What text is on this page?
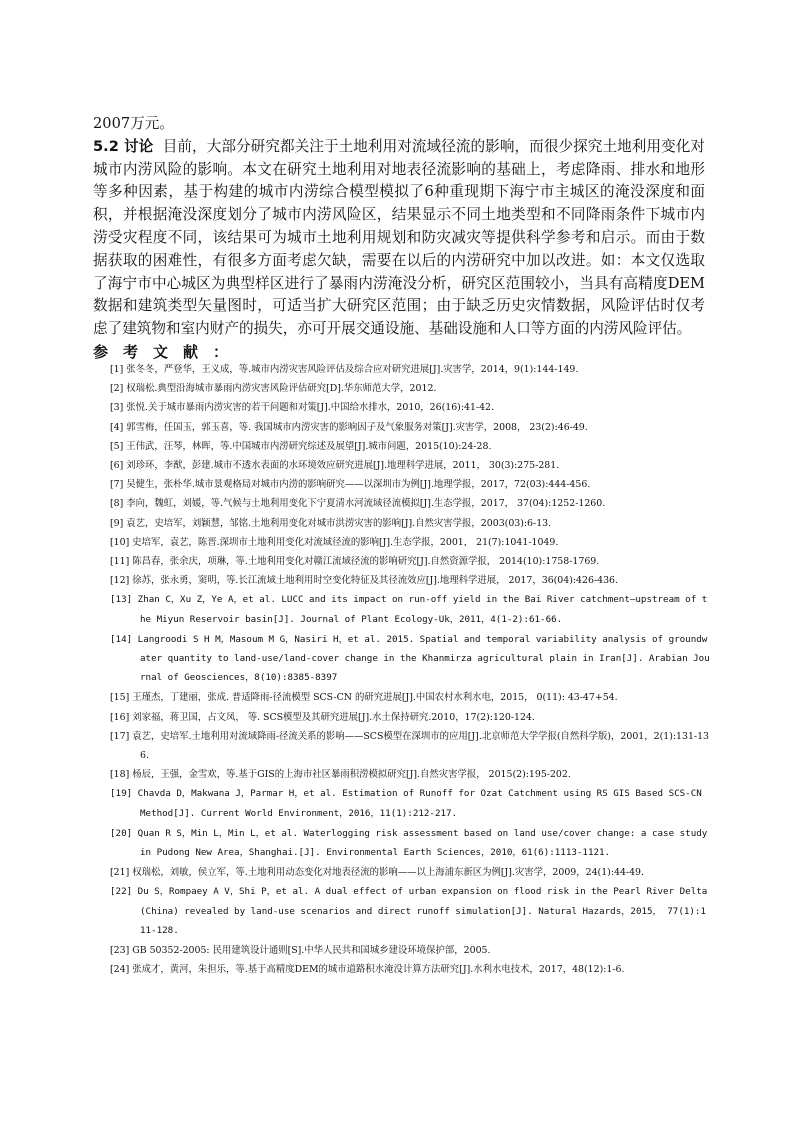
2007万元。

5.2 讨论 目前，大部分研究都关注于土地利用对流域径流的影响，而很少探究土地利用变化对城市内涝风险的影响。本文在研究土地利用对地表径流影响的基础上，考虑降雨、排水和地形等多种因素，基于构建的城市内涝综合模型模拟了6种重现期下海宁市主城区的淹没深度和面积，并根据淹没深度划分了城市内涝风险区，结果显示不同土地类型和不同降雨条件下城市内涝受灾程度不同，该结果可为城市土地利用规划和防灾减灾等提供科学参考和启示。而由于数据获取的困难性，有很多方面考虑欠缺，需要在以后的内涝研究中加以改进。如：本文仅选取了海宁市中心城区为典型样区进行了暴雨内涝淹没分析，研究区范围较小，当具有高精度DEM数据和建筑类型矢量图时，可适当扩大研究区范围；由于缺乏历史灾情数据，风险评估时仅考虑了建筑物和室内财产的损失，亦可开展交通设施、基础设施和人口等方面的内涝风险评估。

参考文献：

[1] 张冬冬，严登华，王义成，等.城市内涝灾害风险评估及综合应对研究进展[J].灾害学，2014，9(1):144-149.

[2] 权瑞松.典型沿海城市暴雨内涝灾害风险评估研究[D].华东师范大学，2012.

[3] 张悦.关于城市暴雨内涝灾害的若干问题和对策[J].中国给水排水，2010，26(16):41-42.

[4] 郭雪梅，任国玉，郭玉喜，等. 我国城市内涝灾害的影响因子及气象服务对策[J].灾害学，2008， 23(2):46-49.

[5] 王伟武，汪琴，林晖，等.中国城市内涝研究综述及展望[J].城市问题，2015(10):24-28.

[6] 刘珍环，李猷，彭建.城市不透水表面的水环境效应研究进展[J].地理科学进展，2011， 30(3):275-281.

[7] 吴健生，张朴华.城市景观格局对城市内涝的影响研究——以深圳市为例[J].地理学报，2017，72(03):444-456.

[8] 李向，魏虹，刘媛，等.气候与土地利用变化下宁夏清水河流域径流模拟[J].生态学报，2017， 37(04):1252-1260.

[9] 袁艺，史培军，刘颖慧，邹铭.土地利用变化对城市洪涝灾害的影响[J].自然灾害学报，2003(03):6-13.

[10] 史培军，袁艺，陈晋.深圳市土地利用变化对流域径流的影响[J].生态学报，2001， 21(7):1041-1049.

[11] 陈昌春，张余庆，项琳，等.土地利用变化对赣江流域径流的影响研究[J].自然资源学报， 2014(10):1758-1769.

[12] 徐苏，张永勇，窦明，等.长江流域土地利用时空变化特征及其径流效应[J].地理科学进展， 2017，36(04):426-436.

[13] Zhan C，Xu Z，Ye A，et al. LUCC and its impact on run-off yield in the Bai River catchment—upstream of the Miyun Reservoir basin[J]. Journal of Plant Ecology-Uk，2011，4(1-2):61-66.

[14] Langroodi S H M，Masoum M G，Nasiri H，et al. 2015. Spatial and temporal variability analysis of groundwater quantity to land-use/land-cover change in the Khanmirza agricultural plain in Iran[J]. Arabian Journal of Geosciences，8(10):8385-8397

[15] 王瑾杰，丁建丽，张成. 普适降雨-径流模型 SCS-CN 的研究进展[J].中国农村水利水电，2015， 0(11): 43-47+54.

[16] 刘家福，蒋卫国，占文凤， 等. SCS模型及其研究进展[J].水土保持研究.2010，17(2):120-124.

[17] 袁艺，史培军.土地利用对流域降雨-径流关系的影响——SCS模型在深圳市的应用[J].北京师范大学学报(自然科学版)，2001，2(1):131-136.

[18] 杨辰，王强，金雪欢，等.基于GIS的上海市社区暴雨积涝模拟研究[J].自然灾害学报， 2015(2):195-202.

[19] Chavda D，Makwana J，Parmar H，et al. Estimation of Runoff for Ozat Catchment using RS GIS Based SCS-CN Method[J]. Current World Environment，2016，11(1):212-217.

[20] Quan R S，Min L，Min L，et al. Waterlogging risk assessment based on land use/cover change: a case study in Pudong New Area，Shanghai.[J]. Environmental Earth Sciences，2010，61(6):1113-1121.

[21] 权瑞松，刘敏，侯立军，等.土地利用动态变化对地表径流的影响——以上海浦东新区为例[J].灾害学，2009，24(1):44-49.

[22] Du S，Rompaey A V，Shi P，et al. A dual effect of urban expansion on flood risk in the Pearl River Delta (China) revealed by land-use scenarios and direct runoff simulation[J]. Natural Hazards，2015， 77(1):111-128.

[23] GB 50352-2005: 民用建筑设计通则[S].中华人民共和国城乡建设环境保护部，2005.

[24] 张成才，黄河，朱担乐，等.基于高精度DEM的城市道路积水淹没计算方法研究[J].水利水电技术，2017，48(12):1-6.
